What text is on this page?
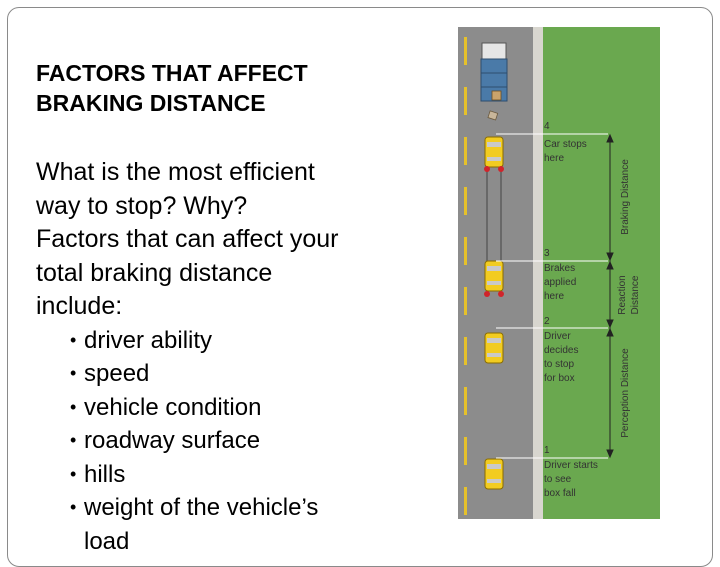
FACTORS THAT AFFECT
BRAKING DISTANCE
What is the most efficient
way to stop? Why?
Factors that can affect your
total braking distance
include:
• driver ability
• speed
• vehicle condition
• roadway surface
• hills
• weight of the vehicle’s
load
4
Car stops
here
3
Brakes
applied
here
2
Driver
decides
to stop
for box
1
Driver starts
to see
box fall
Braking Distance
Reaction Distance
Perception Distance
